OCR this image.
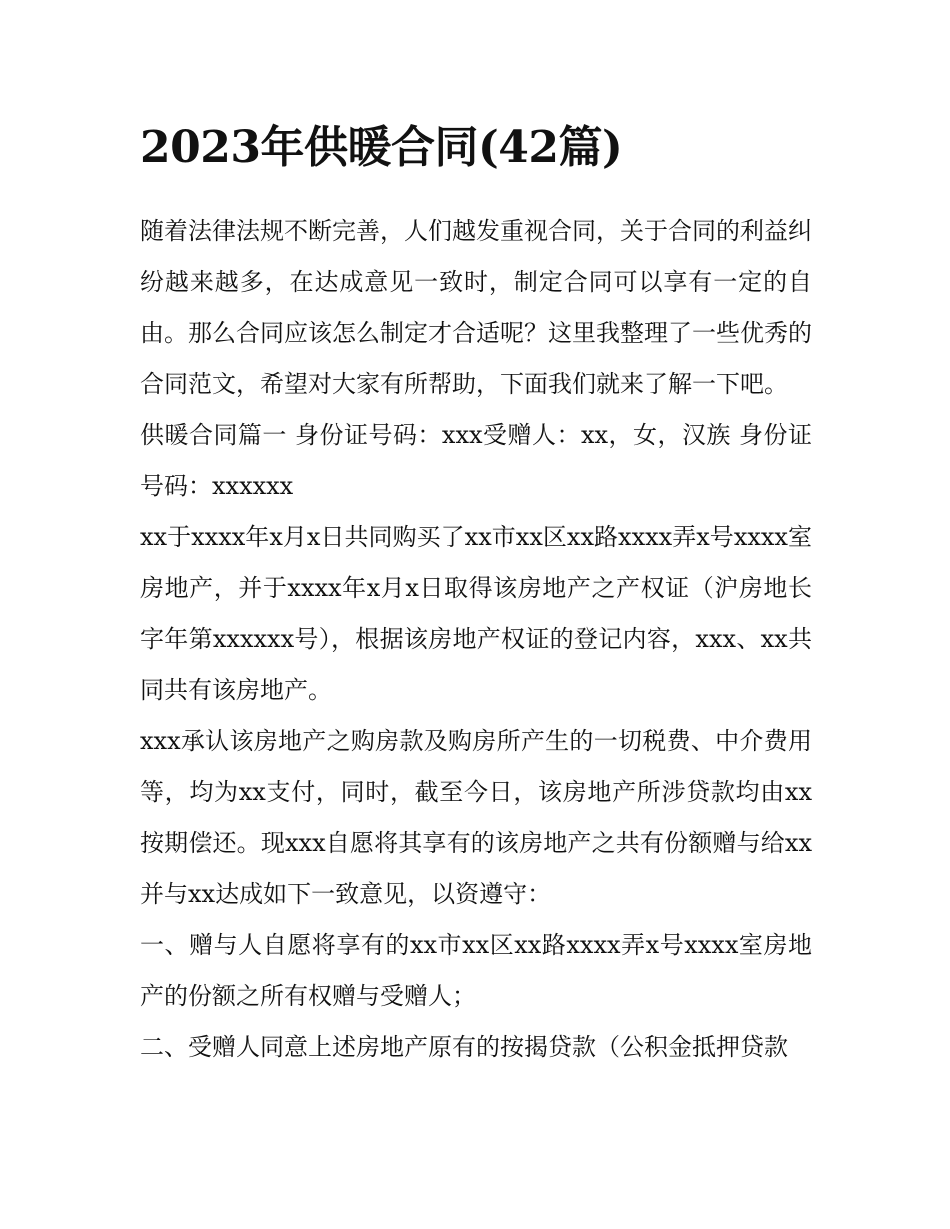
2023年供暖合同(42篇)

随着法律法规不断完善，人们越发重视合同，关于合同的利益纠纷越来越多，在达成意见一致时，制定合同可以享有一定的自由。那么合同应该怎么制定才合适呢？这里我整理了一些优秀的合同范文，希望对大家有所帮助，下面我们就来了解一下吧。

供暖合同篇一 身份证号码：xxx受赠人：xx，女，汉族 身份证号码：xxxxxx

xx于xxxx年x月x日共同购买了xx市xx区xx路xxxx弄x号xxxx室房地产，并于xxxx年x月x日取得该房地产之产权证（沪房地长字年第xxxxxx号），根据该房地产权证的登记内容，xxx、xx共同共有该房地产。

xxx承认该房地产之购房款及购房所产生的一切税费、中介费用等，均为xx支付，同时，截至今日，该房地产所涉贷款均由xx按期偿还。现xxx自愿将其享有的该房地产之共有份额赠与给xx并与xx达成如下一致意见，以资遵守：

一、赠与人自愿将享有的xx市xx区xx路xxxx弄x号xxxx室房地产的份额之所有权赠与受赠人；

二、受赠人同意上述房地产原有的按揭贷款（公积金抵押贷款
